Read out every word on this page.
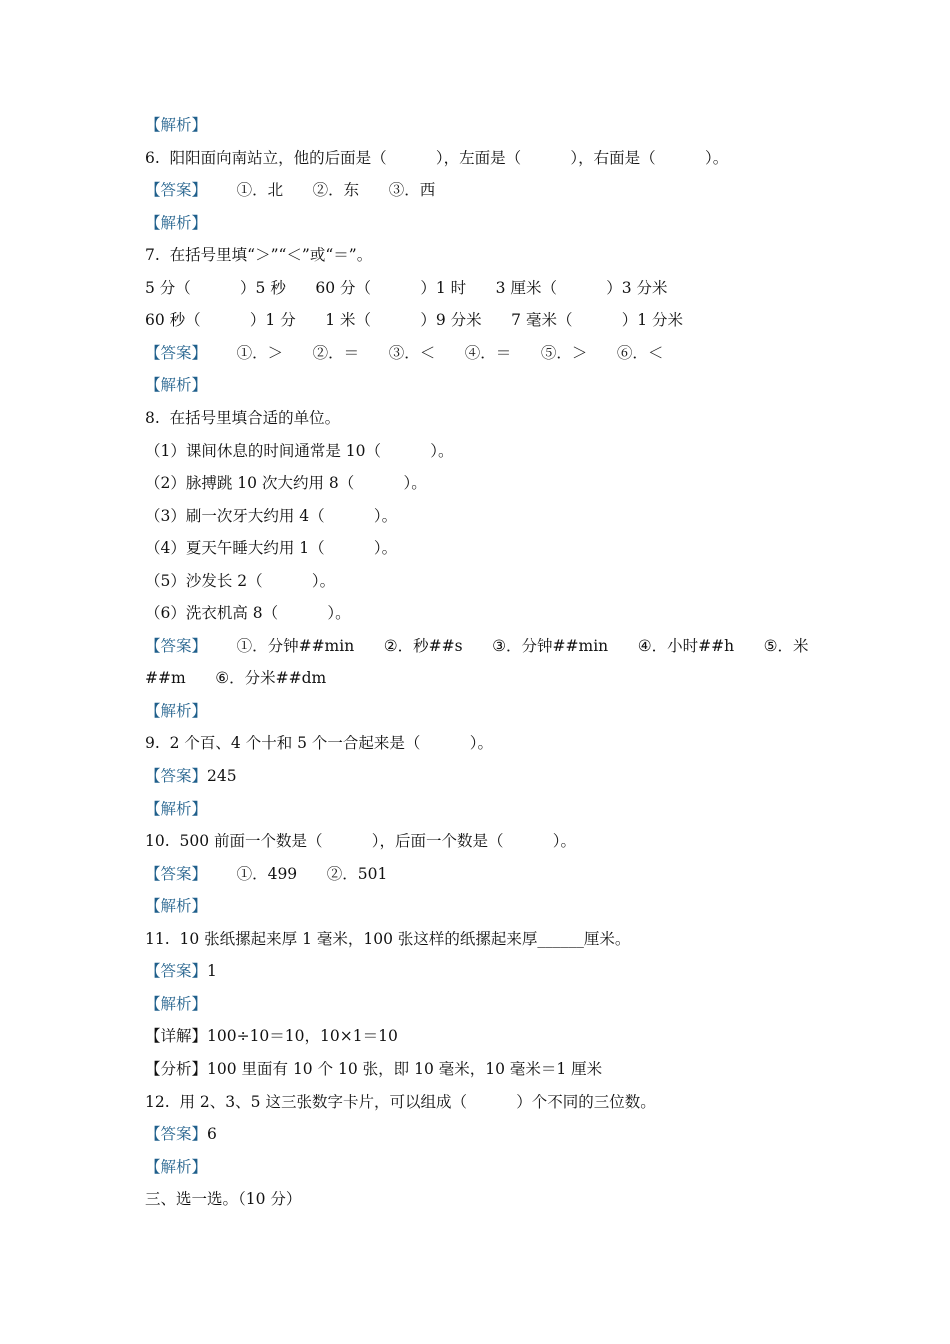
【解析】
6.  阳阳面向南站立，他的后面是（          ），左面是（          ），右面是（          ）。
【答案】      ①．北      ②．东      ③．西
【解析】
7.  在括号里填“＞”“＜”或“＝”。
5 分（          ）5 秒      60 分（          ）1 时      3 厘米（          ）3 分米
60 秒（          ）1 分      1 米（          ）9 分米      7 毫米（          ）1 分米
【答案】      ①．＞      ②．＝      ③．＜      ④．＝      ⑤．＞      ⑥．＜
【解析】
8.  在括号里填合适的单位。
（1）课间休息的时间通常是 10（          ）。
（2）脉搏跳 10 次大约用 8（          ）。
（3）刷一次牙大约用 4（          ）。
（4）夏天午睡大约用 1（          ）。
（5）沙发长 2（          ）。
（6）洗衣机高 8（          ）。
【答案】      ①．分钟##min      ②．秒##s      ③．分钟##min      ④．小时##h      ⑤．米
##m      ⑥．分米##dm
【解析】
9.  2 个百、4 个十和 5 个一合起来是（          ）。
【答案】245
【解析】
10.  500 前面一个数是（          ），后面一个数是（          ）。
【答案】      ①．499      ②．501
【解析】
11.  10 张纸摞起来厚 1 毫米，100 张这样的纸摞起来厚______厘米。
【答案】1
【解析】
【详解】100÷10＝10，10×1＝10
【分析】100 里面有 10 个 10 张，即 10 毫米，10 毫米＝1 厘米
12.  用 2、3、5 这三张数字卡片，可以组成（          ）个不同的三位数。
【答案】6
【解析】
三、选一选。（10 分）
